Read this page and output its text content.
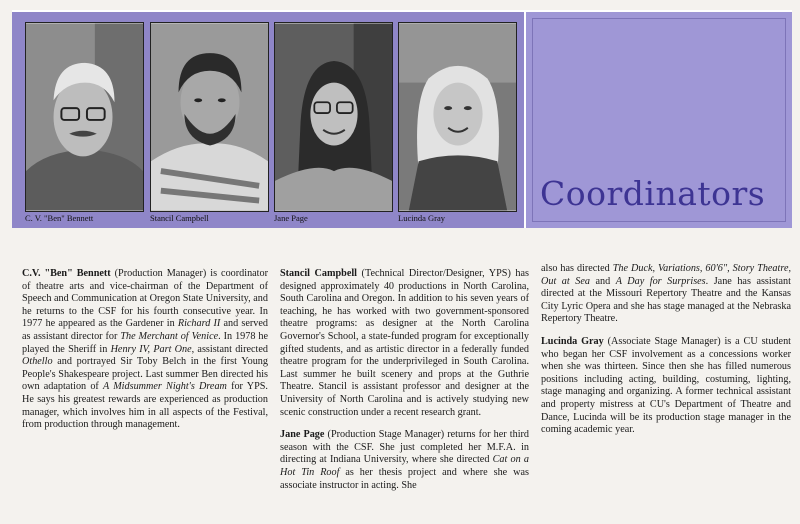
C. V. "Ben" Bennett	Stancil Campbell	Jane Page	Lucinda Gray
Coordinators

C.V. "Ben" Bennett (Production Manager) is coordinator of theatre arts and vice-chairman of the Department of Speech and Communication at Oregon State University, and he returns to the CSF for his fourth consecutive year. In 1977 he appeared as the Gardener in Richard II and served as assistant director for The Merchant of Venice. In 1978 he played the Sheriff in Henry IV, Part One, assistant directed Othello and portrayed Sir Toby Belch in the first Young People's Shakespeare project. Last summer Ben directed his own adaptation of A Midsummer Night's Dream for YPS. He says his greatest rewards are experienced as production manager, which involves him in all aspects of the Festival, from production through management.

Stancil Campbell (Technical Director/Designer, YPS) has designed approximately 40 productions in North Carolina, South Carolina and Oregon. In addition to his seven years of teaching, he has worked with two government-sponsored theatre programs: as designer at the North Carolina Governor's School, a state-funded program for exceptionally gifted students, and as artistic director in a federally funded theatre program for the underprivileged in South Carolina. Last summer he built scenery and props at the Guthrie Theatre. Stancil is assistant professor and designer at the University of North Carolina and is actively studying new scenic construction under a recent research grant.

Jane Page (Production Stage Manager) returns for her third season with the CSF. She just completed her M.F.A. in directing at Indiana University, where she directed Cat on a Hot Tin Roof as her thesis project and where she was associate instructor in acting. She

also has directed The Duck, Variations, 60'6", Story Theatre, Out at Sea and A Day for Surprises. Jane has assistant directed at the Missouri Repertory Theatre and the Kansas City Lyric Opera and she has stage managed at the Nebraska Repertory Theatre.

Lucinda Gray (Associate Stage Manager) is a CU student who began her CSF involvement as a concessions worker when she was thirteen. Since then she has filled numerous positions including acting, building, costuming, lighting, stage managing and organizing. A former technical assistant and property mistress at CU's Department of Theatre and Dance, Lucinda will be its production stage manager in the coming academic year.
